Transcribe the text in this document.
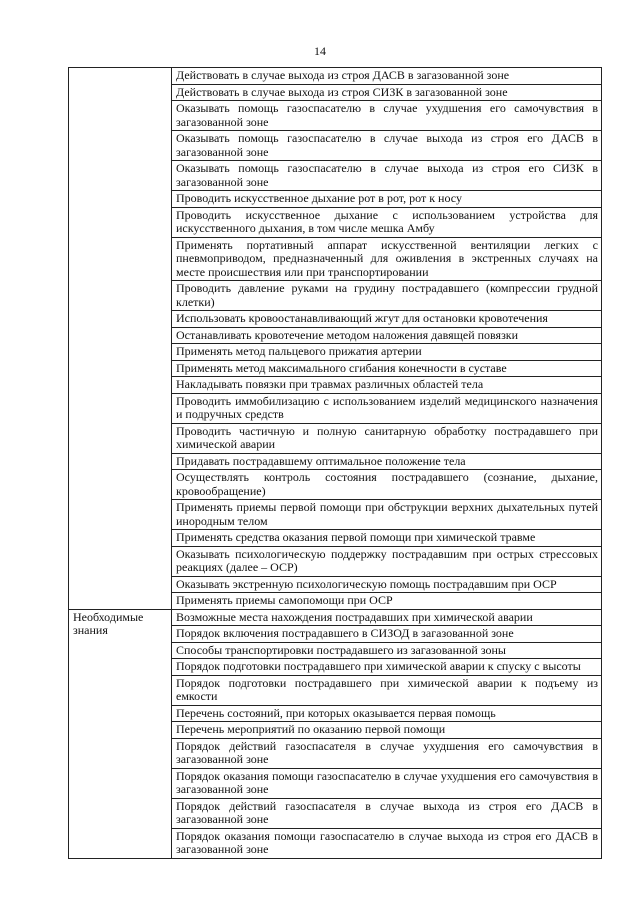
14
	Действовать в случае выхода из строя ДАСВ в загазованной зоне
	Действовать в случае выхода из строя СИЗК в загазованной зоне
	Оказывать помощь газоспасателю в случае ухудшения его самочувствия в загазованной зоне
	Оказывать помощь газоспасателю в случае выхода из строя его ДАСВ в загазованной зоне
	Оказывать помощь газоспасателю в случае выхода из строя его СИЗК в загазованной зоне
	Проводить искусственное дыхание рот в рот, рот к носу
	Проводить искусственное дыхание с использованием устройства для искусственного дыхания, в том числе мешка Амбу
	Применять портативный аппарат искусственной вентиляции легких с пневмоприводом, предназначенный для оживления в экстренных случаях на месте происшествия или при транспортировании
	Проводить давление руками на грудину пострадавшего (компрессии грудной клетки)
	Использовать кровоостанавливающий жгут для остановки кровотечения
	Останавливать кровотечение методом наложения давящей повязки
	Применять метод пальцевого прижатия артерии
	Применять метод максимального сгибания конечности в суставе
	Накладывать повязки при травмах различных областей тела
	Проводить иммобилизацию с использованием изделий медицинского назначения и подручных средств
	Проводить частичную и полную санитарную обработку пострадавшего при химической аварии
	Придавать пострадавшему оптимальное положение тела
	Осуществлять контроль состояния пострадавшего (сознание, дыхание, кровообращение)
	Применять приемы первой помощи при обструкции верхних дыхательных путей инородным телом
	Применять средства оказания первой помощи при химической травме
	Оказывать психологическую поддержку пострадавшим при острых стрессовых реакциях (далее – ОСР)
	Оказывать экстренную психологическую помощь пострадавшим при ОСР
	Применять приемы самопомощи при ОСР
Необходимые знания	Возможные места нахождения пострадавших при химической аварии
	Порядок включения пострадавшего в СИЗОД в загазованной зоне
	Способы транспортировки пострадавшего из загазованной зоны
	Порядок подготовки пострадавшего при химической аварии к спуску с высоты
	Порядок подготовки пострадавшего при химической аварии к подъему из емкости
	Перечень состояний, при которых оказывается первая помощь
	Перечень мероприятий по оказанию первой помощи
	Порядок действий газоспасателя в случае ухудшения его самочувствия в загазованной зоне
	Порядок оказания помощи газоспасателю в случае ухудшения его самочувствия в загазованной зоне
	Порядок действий газоспасателя в случае выхода из строя его ДАСВ в загазованной зоне
	Порядок оказания помощи газоспасателю в случае выхода из строя его ДАСВ в загазованной зоне
